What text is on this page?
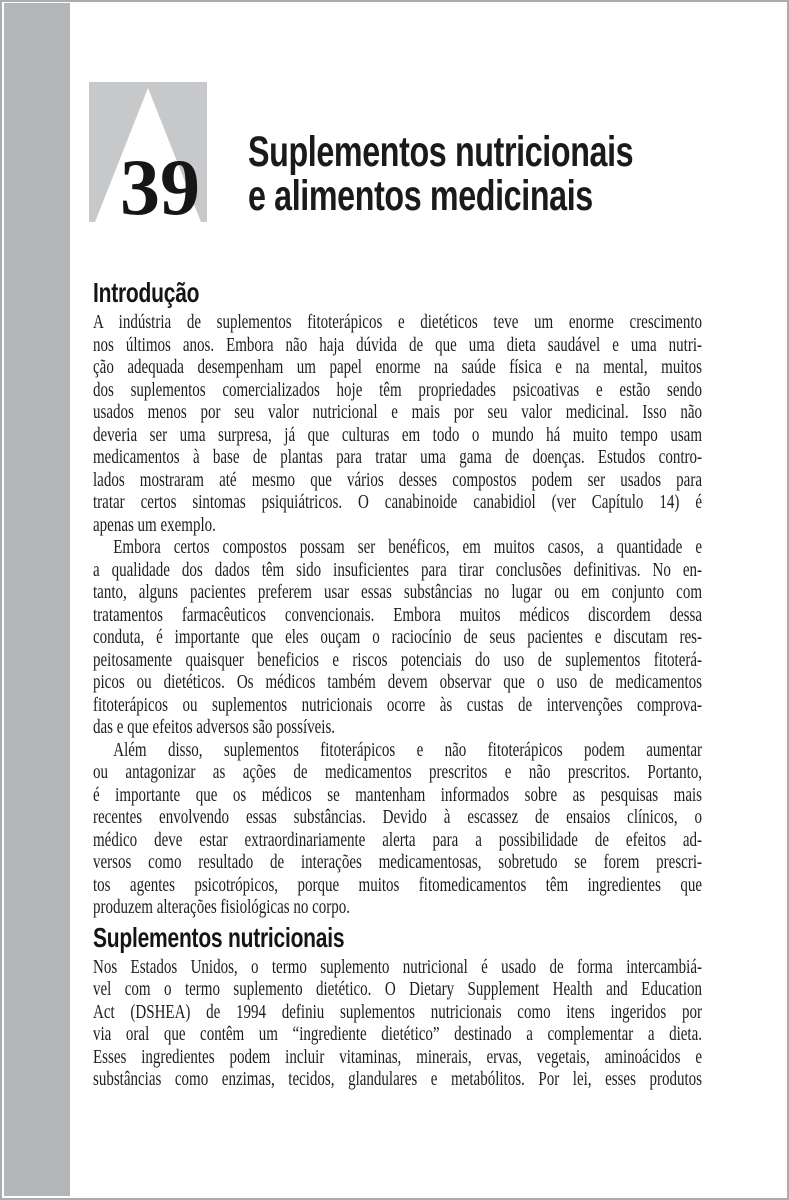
39 Suplementos nutricionais
e alimentos medicinais
Introdução
A indústria de suplementos fitoterápicos e dietéticos teve um enorme crescimento
nos últimos anos. Embora não haja dúvida de que uma dieta saudável e uma nutri-
ção adequada desempenham um papel enorme na saúde física e na mental, muitos
dos suplementos comercializados hoje têm propriedades psicoativas e estão sendo
usados menos por seu valor nutricional e mais por seu valor medicinal. Isso não
deveria ser uma surpresa, já que culturas em todo o mundo há muito tempo usam
medicamentos à base de plantas para tratar uma gama de doenças. Estudos contro-
lados mostraram até mesmo que vários desses compostos podem ser usados para
tratar certos sintomas psiquiátricos. O canabinoide canabidiol (ver Capítulo 14) é
apenas um exemplo.
Embora certos compostos possam ser benéficos, em muitos casos, a quantidade e
a qualidade dos dados têm sido insuficientes para tirar conclusões definitivas. No en-
tanto, alguns pacientes preferem usar essas substâncias no lugar ou em conjunto com
tratamentos farmacêuticos convencionais. Embora muitos médicos discordem dessa
conduta, é importante que eles ouçam o raciocínio de seus pacientes e discutam res-
peitosamente quaisquer beneficios e riscos potenciais do uso de suplementos fitoterá-
picos ou dietéticos. Os médicos também devem observar que o uso de medicamentos
fitoterápicos ou suplementos nutricionais ocorre às custas de intervenções comprova-
das e que efeitos adversos são possíveis.
Além disso, suplementos fitoterápicos e não fitoterápicos podem aumentar
ou antagonizar as ações de medicamentos prescritos e não prescritos. Portanto,
é importante que os médicos se mantenham informados sobre as pesquisas mais
recentes envolvendo essas substâncias. Devido à escassez de ensaios clínicos, o
médico deve estar extraordinariamente alerta para a possibilidade de efeitos ad-
versos como resultado de interações medicamentosas, sobretudo se forem prescri-
tos agentes psicotrópicos, porque muitos fitomedicamentos têm ingredientes que
produzem alterações fisiológicas no corpo.
Suplementos nutricionais
Nos Estados Unidos, o termo suplemento nutricional é usado de forma intercambiá-
vel com o termo suplemento dietético. O Dietary Supplement Health and Education
Act (DSHEA) de 1994 definiu suplementos nutricionais como itens ingeridos por
via oral que contêm um “ingrediente dietético” destinado a complementar a dieta.
Esses ingredientes podem incluir vitaminas, minerais, ervas, vegetais, aminoácidos e
substâncias como enzimas, tecidos, glandulares e metabólitos. Por lei, esses produtos
